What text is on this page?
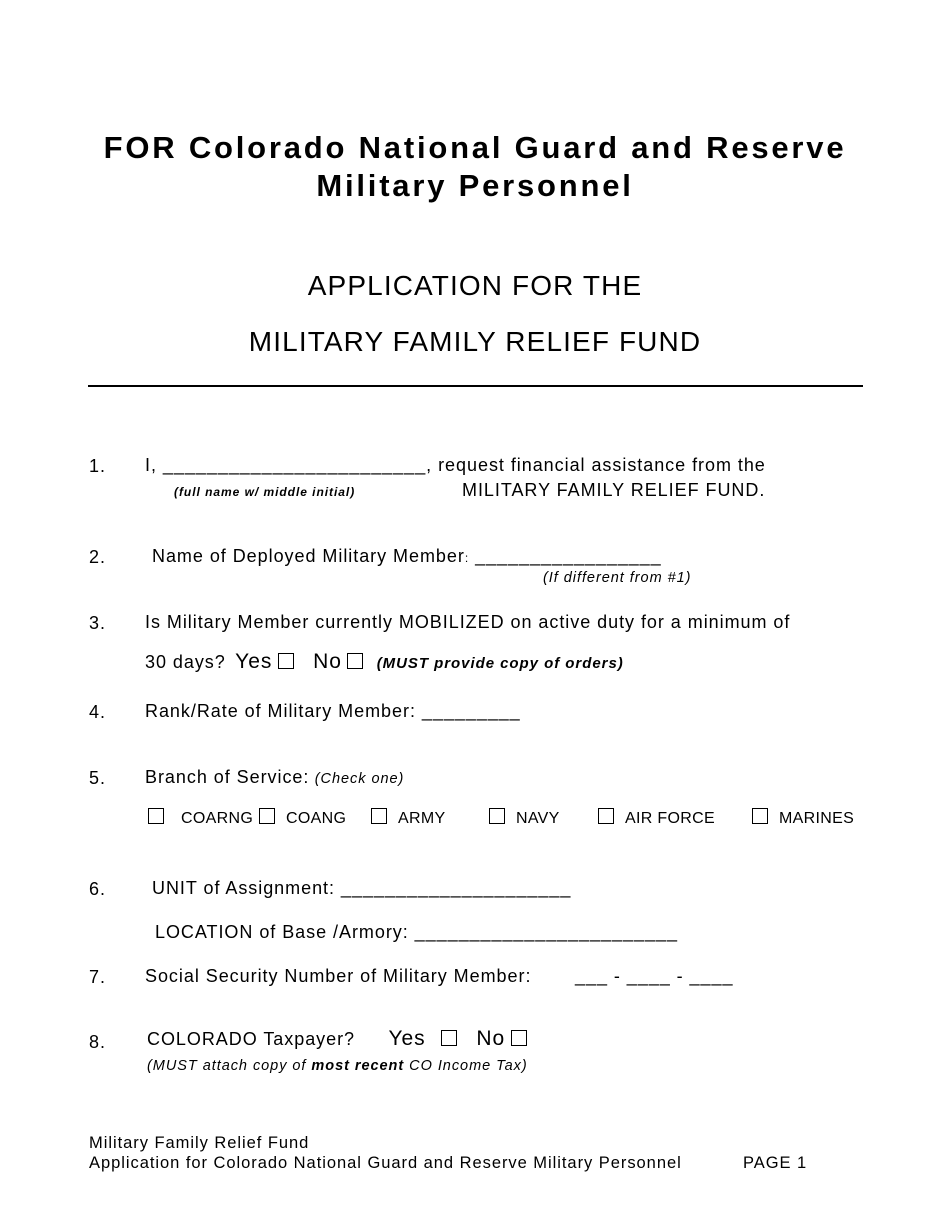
FOR Colorado National Guard and Reserve
Military Personnel
APPLICATION FOR THE
MILITARY FAMILY RELIEF FUND
1. I, ________________________, request financial assistance from the
(full name w/ middle initial)	MILITARY FAMILY RELIEF FUND.
2.	Name of Deployed Military Member: _________________
(If different from #1)
3. Is Military Member currently MOBILIZED on active duty for a minimum of
30 days? Yes No (MUST provide copy of orders)
4. Rank/Rate of Military Member: _________
5. Branch of Service: (Check one)
COARNG COANG	ARMY	NAVY	AIR FORCE	MARINES
6.	UNIT of Assignment: _____________________
LOCATION of Base /Armory: ________________________
7. Social Security Number of Military Member: ___ - ____ - ____
8. COLORADO Taxpayer? Yes No
(MUST attach copy of most recent CO Income Tax)
Military Family Relief Fund
Application for Colorado National Guard and Reserve Military Personnel	PAGE 1
